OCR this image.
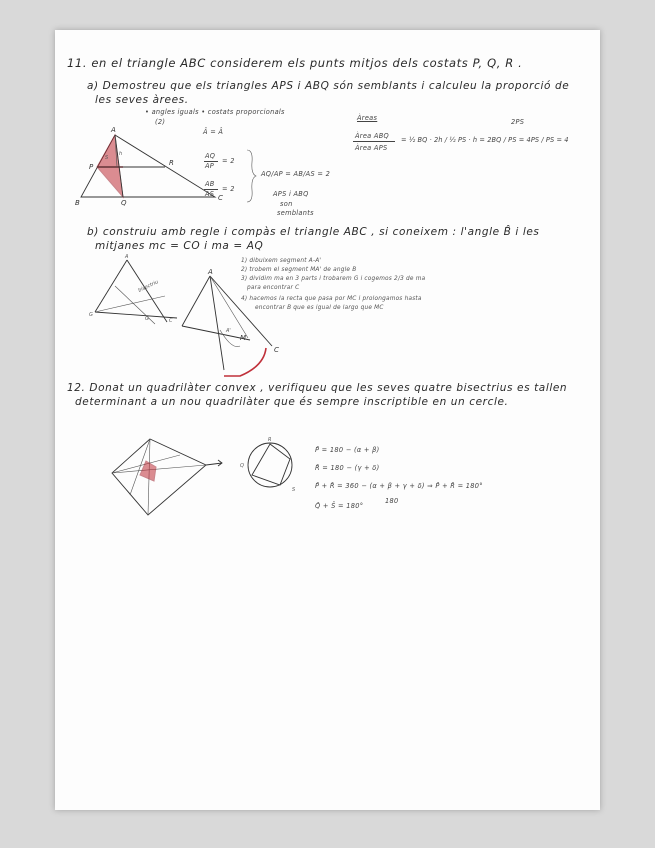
11. en el triangle ABC considerem els punts mitjos dels costats P, Q, R .
a) Demostreu que els triangles APS i ABQ són semblants i calculeu la proporció de
les seves àrees.
• angles iguals • costats proporcionals
(2)
A
P	R
B	Q
C
S
h
Â = Â
AQ
AP
= 2
AB
AS
= 2
AQ/AP = AB/AS = 2
APS i ABQ
son
semblants
Àreas	2PS
Àrea ABQ
Àrea APS
= ½ BQ · 2h / ½ PS · h = 2BQ / PS = 4PS / PS = 4
b) construiu amb regle i compàs el triangle ABC , si coneixem : l'angle B̂ i les
mitjanes mc = CO i ma = AQ
A
G
G	C
bisectriu
A
M
C
A'
1) dibuixem segment A-A'
2) trobem el segment MA' de angle B
3) dividim ma en 3 parts i trobarem G i cogemos 2/3 de ma
para encontrar C
4) hacemos la recta que pasa por MC i prolongamos hasta
encontrar B que es igual de largo que MC
12. Donat un quadrilàter convex , verifiqueu que les seves quatre bisectrius es tallen
determinant a un nou quadrilàter que és sempre inscriptible en un cercle.
R
Q
S
P̂ = 180 − (α + β)
R̂ = 180 − (γ + δ)
P̂ + R̂ = 360 − (α + β + γ + δ) ⇒ P̂ + R̂ = 180°
180
Q̂ + Ŝ = 180°
